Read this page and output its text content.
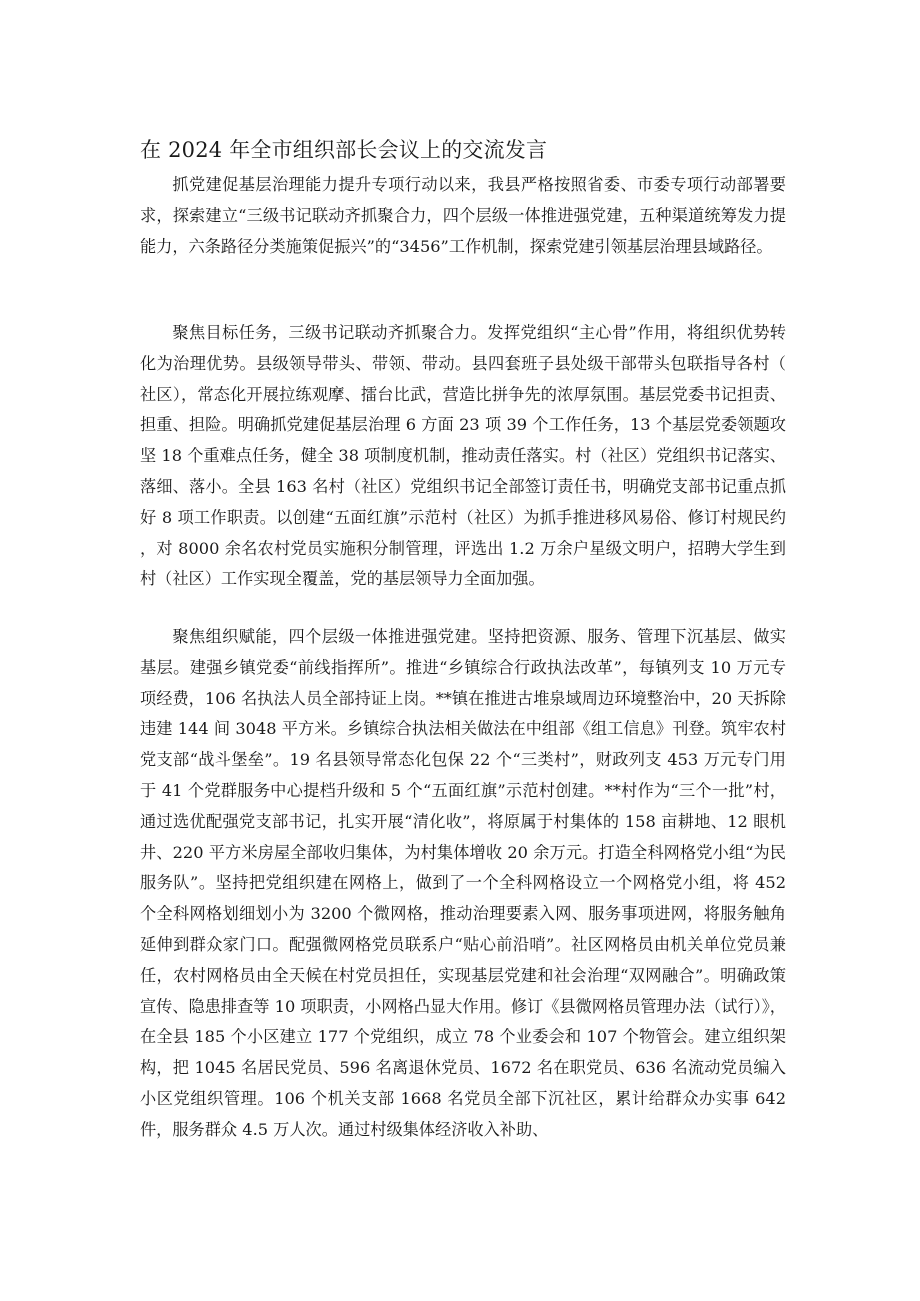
在 2024 年全市组织部长会议上的交流发言

抓党建促基层治理能力提升专项行动以来，我县严格按照省委、市委专项行动部署要求，探索建立“三级书记联动齐抓聚合力，四个层级一体推进强党建，五种渠道统筹发力提能力，六条路径分类施策促振兴”的“3456”工作机制，探索党建引领基层治理县域路径。

聚焦目标任务，三级书记联动齐抓聚合力。发挥党组织“主心骨”作用，将组织优势转化为治理优势。县级领导带头、带领、带动。县四套班子县处级干部带头包联指导各村（社区），常态化开展拉练观摩、擂台比武，营造比拼争先的浓厚氛围。基层党委书记担责、担重、担险。明确抓党建促基层治理 6 方面 23 项 39 个工作任务，13 个基层党委领题攻坚 18 个重难点任务，健全 38 项制度机制，推动责任落实。村（社区）党组织书记落实、落细、落小。全县 163 名村（社区）党组织书记全部签订责任书，明确党支部书记重点抓好 8 项工作职责。以创建“五面红旗”示范村（社区）为抓手推进移风易俗、修订村规民约，对 8000 余名农村党员实施积分制管理，评选出 1.2 万余户星级文明户，招聘大学生到村（社区）工作实现全覆盖，党的基层领导力全面加强。

聚焦组织赋能，四个层级一体推进强党建。坚持把资源、服务、管理下沉基层、做实基层。建强乡镇党委“前线指挥所”。推进“乡镇综合行政执法改革”，每镇列支 10 万元专项经费，106 名执法人员全部持证上岗。**镇在推进古堆泉域周边环境整治中，20 天拆除违建 144 间 3048 平方米。乡镇综合执法相关做法在中组部《组工信息》刊登。筑牢农村党支部“战斗堡垒”。19 名县领导常态化包保 22 个“三类村”，财政列支 453 万元专门用于 41 个党群服务中心提档升级和 5 个“五面红旗”示范村创建。**村作为“三个一批”村，通过选优配强党支部书记，扎实开展“清化收”，将原属于村集体的 158 亩耕地、12 眼机井、220 平方米房屋全部收归集体，为村集体增收 20 余万元。打造全科网格党小组“为民服务队”。坚持把党组织建在网格上，做到了一个全科网格设立一个网格党小组，将 452 个全科网格划细划小为 3200 个微网格，推动治理要素入网、服务事项进网，将服务触角延伸到群众家门口。配强微网格党员联系户“贴心前沿哨”。社区网格员由机关单位党员兼任，农村网格员由全天候在村党员担任，实现基层党建和社会治理“双网融合”。明确政策宣传、隐患排查等 10 项职责，小网格凸显大作用。修订《县微网格员管理办法（试行）》，在全县 185 个小区建立 177 个党组织，成立 78 个业委会和 107 个物管会。建立组织架构，把 1045 名居民党员、596 名离退休党员、1672 名在职党员、636 名流动党员编入小区党组织管理。106 个机关支部 1668 名党员全部下沉社区，累计给群众办实事 642 件，服务群众 4.5 万人次。通过村级集体经济收入补助、
